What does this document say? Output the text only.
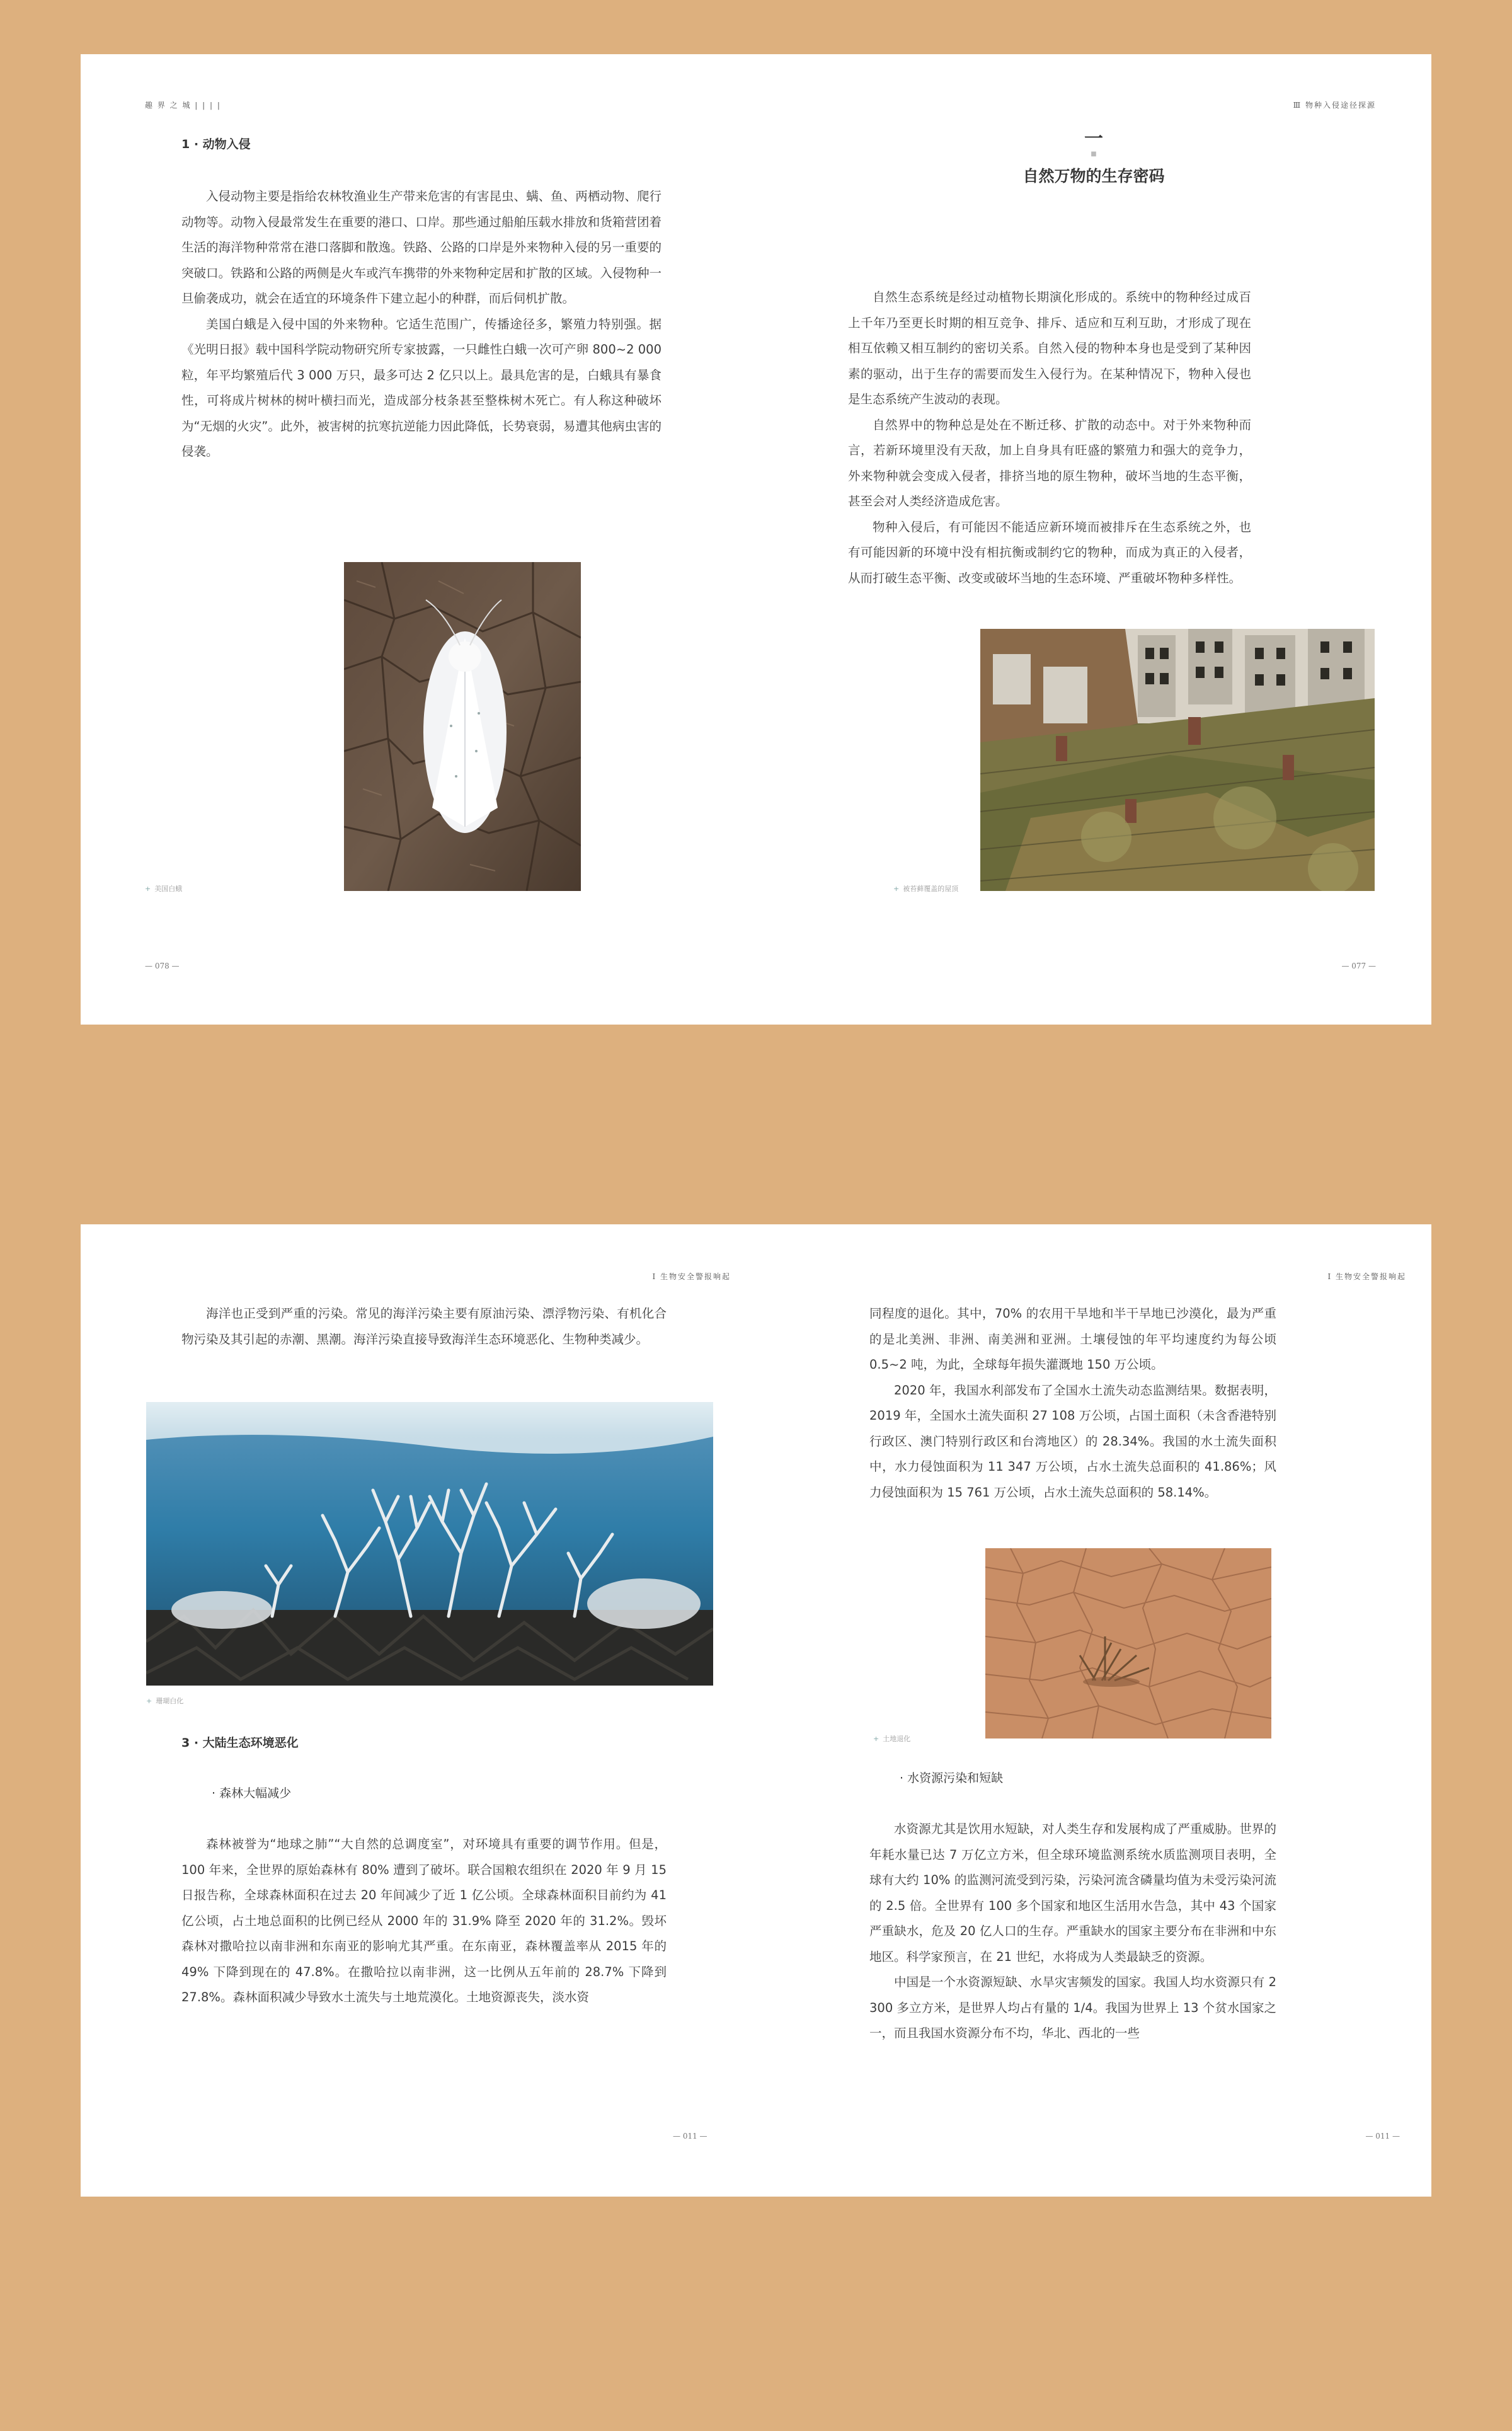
趣 界 之 城 | | | |
1 · 动物入侵

入侵动物主要是指给农林牧渔业生产带来危害的有害昆虫、螨、鱼、两栖动物、爬行动物等。动物入侵最常发生在重要的港口、口岸。那些通过船舶压载水排放和货箱营团着生活的海洋物种常常在港口落脚和散逸。铁路、公路的口岸是外来物种入侵的另一重要的突破口。铁路和公路的两侧是火车或汽车携带的外来物种定居和扩散的区域。入侵物种一旦偷袭成功，就会在适宜的环境条件下建立起小的种群，而后伺机扩散。

美国白蛾是入侵中国的外来物种。它适生范围广，传播途径多，繁殖力特别强。据《光明日报》载中国科学院动物研究所专家披露，一只雌性白蛾一次可产卵 800~2 000 粒，年平均繁殖后代 3 000 万只，最多可达 2 亿只以上。最具危害的是，白蛾具有暴食性，可将成片树林的树叶横扫而光，造成部分枝条甚至整株树木死亡。有人称这种破坏为“无烟的火灾”。此外，被害树的抗寒抗逆能力因此降低，长势衰弱，易遭其他病虫害的侵袭。

+ 美国白蛾
— 078 —
Ⅲ 物种入侵途径探源
一
■
自然万物的生存密码

自然生态系统是经过动植物长期演化形成的。系统中的物种经过成百上千年乃至更长时期的相互竞争、排斥、适应和互利互助，才形成了现在相互依赖又相互制约的密切关系。自然入侵的物种本身也是受到了某种因素的驱动，出于生存的需要而发生入侵行为。在某种情况下，物种入侵也是生态系统产生波动的表现。

自然界中的物种总是处在不断迁移、扩散的动态中。对于外来物种而言，若新环境里没有天敌，加上自身具有旺盛的繁殖力和强大的竞争力，外来物种就会变成入侵者，排挤当地的原生物种，破坏当地的生态平衡，甚至会对人类经济造成危害。

物种入侵后，有可能因不能适应新环境而被排斥在生态系统之外，也有可能因新的环境中没有相抗衡或制约它的物种，而成为真正的入侵者，从而打破生态平衡、改变或破坏当地的生态环境、严重破坏物种多样性。

+ 被苔藓覆盖的屋顶
— 077 —
Ⅰ 生物安全警报响起

海洋也正受到严重的污染。常见的海洋污染主要有原油污染、漂浮物污染、有机化合物污染及其引起的赤潮、黑潮。海洋污染直接导致海洋生态环境恶化、生物种类减少。

+ 珊瑚白化
3 · 大陆生态环境恶化
· 森林大幅减少

森林被誉为“地球之肺”“大自然的总调度室”，对环境具有重要的调节作用。但是，100 年来，全世界的原始森林有 80% 遭到了破坏。联合国粮农组织在 2020 年 9 月 15 日报告称，全球森林面积在过去 20 年间减少了近 1 亿公顷。全球森林面积目前约为 41 亿公顷，占土地总面积的比例已经从 2000 年的 31.9% 降至 2020 年的 31.2%。毁坏森林对撒哈拉以南非洲和东南亚的影响尤其严重。在东南亚，森林覆盖率从 2015 年的 49% 下降到现在的 47.8%。在撒哈拉以南非洲，这一比例从五年前的 28.7% 下降到 27.8%。森林面积减少导致水土流失与土地荒漠化。土地资源丧失，淡水资

— 011 —
Ⅰ 生物安全警报响起

同程度的退化。其中，70% 的农用干旱地和半干旱地已沙漠化，最为严重的是北美洲、非洲、南美洲和亚洲。土壤侵蚀的年平均速度约为每公顷 0.5~2 吨，为此，全球每年损失灌溉地 150 万公顷。

2020 年，我国水利部发布了全国水土流失动态监测结果。数据表明，2019 年，全国水土流失面积 27 108 万公顷，占国土面积（未含香港特别行政区、澳门特别行政区和台湾地区）的 28.34%。我国的水土流失面积中，水力侵蚀面积为 11 347 万公顷，占水土流失总面积的 41.86%；风力侵蚀面积为 15 761 万公顷，占水土流失总面积的 58.14%。

+ 土地退化
· 水资源污染和短缺

水资源尤其是饮用水短缺，对人类生存和发展构成了严重威胁。世界的年耗水量已达 7 万亿立方米，但全球环境监测系统水质监测项目表明，全球有大约 10% 的监测河流受到污染，污染河流含磷量均值为未受污染河流的 2.5 倍。全世界有 100 多个国家和地区生活用水告急，其中 43 个国家严重缺水，危及 20 亿人口的生存。严重缺水的国家主要分布在非洲和中东地区。科学家预言，在 21 世纪，水将成为人类最缺乏的资源。

中国是一个水资源短缺、水旱灾害频发的国家。我国人均水资源只有 2 300 多立方米，是世界人均占有量的 1/4。我国为世界上 13 个贫水国家之一，而且我国水资源分布不均，华北、西北的一些

— 011 —
